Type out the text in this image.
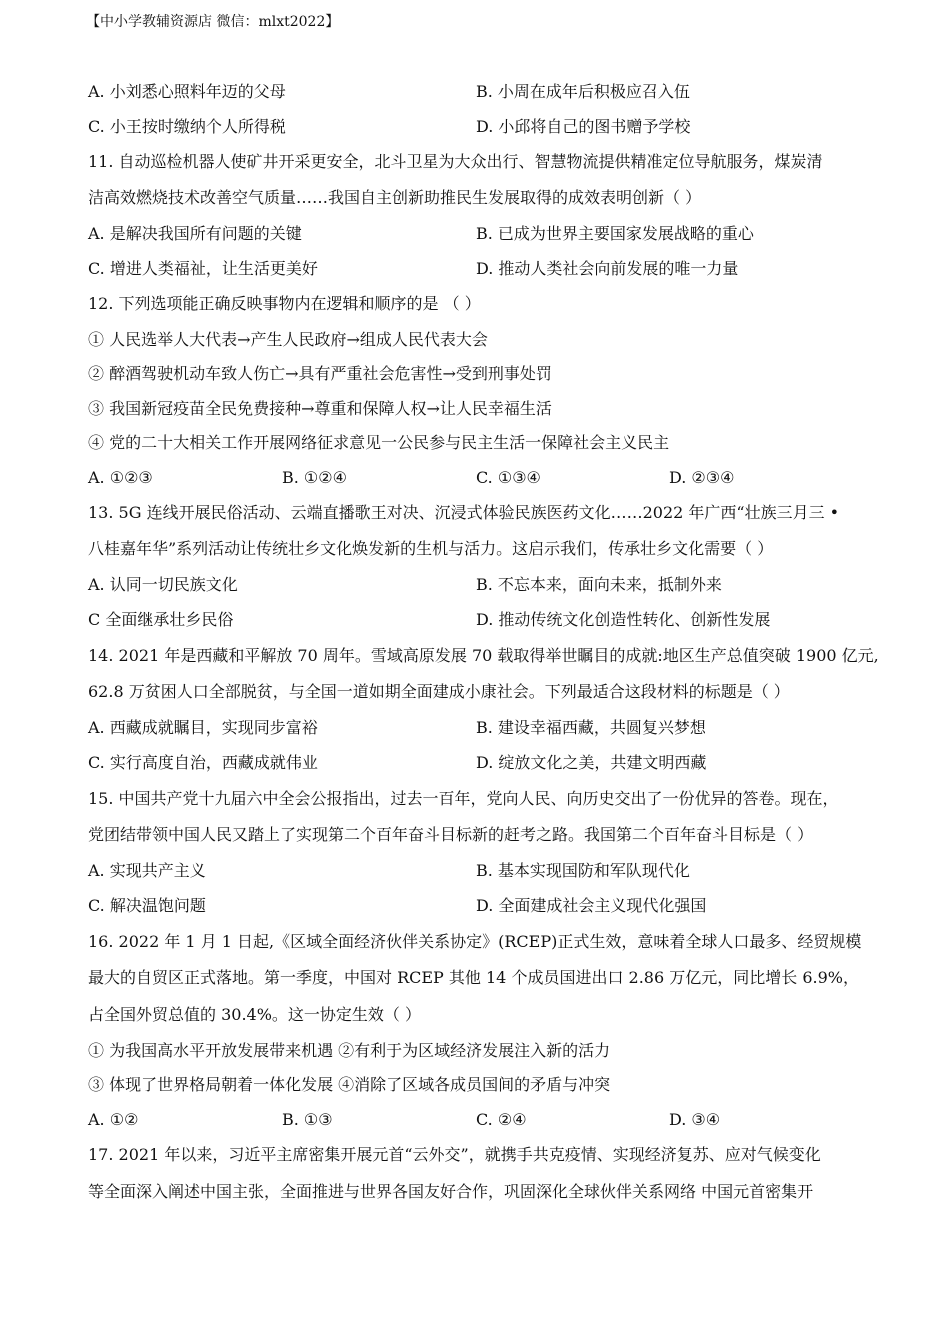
【中小学教辅资源店 微信：mlxt2022】
A. 小刘悉心照料年迈的父母	B. 小周在成年后积极应召入伍
C. 小王按时缴纳个人所得税	D. 小邱将自己的图书赠予学校
11. 自动巡检机器人使矿井开采更安全，北斗卫星为大众出行、智慧物流提供精准定位导航服务，煤炭清
洁高效燃烧技术改善空气质量……我国自主创新助推民生发展取得的成效表明创新（ ）
A. 是解决我国所有问题的关键	B. 已成为世界主要国家发展战略的重心
C. 增进人类福祉，让生活更美好	D. 推动人类社会向前发展的唯一力量
12. 下列选项能正确反映事物内在逻辑和顺序的是 （ ）
① 人民选举人大代表→产生人民政府→组成人民代表大会
② 醉酒驾驶机动车致人伤亡→具有严重社会危害性→受到刑事处罚
③ 我国新冠疫苗全民免费接种→尊重和保障人权→让人民幸福生活
④ 党的二十大相关工作开展网络征求意见一公民参与民主生活一保障社会主义民主
A. ①②③	B. ①②④	C. ①③④	D. ②③④
13. 5G 连线开展民俗活动、云端直播歌王对决、沉浸式体验民族医药文化……2022 年广西“壮族三月三 •
八桂嘉年华”系列活动让传统壮乡文化焕发新的生机与活力。这启示我们，传承壮乡文化需要（ ）
A. 认同一切民族文化	B. 不忘本来，面向未来，抵制外来
C 全面继承壮乡民俗	D. 推动传统文化创造性转化、创新性发展
14. 2021 年是西藏和平解放 70 周年。雪域高原发展 70 载取得举世瞩目的成就:地区生产总值突破 1900 亿元,
62.8 万贫困人口全部脱贫，与全国一道如期全面建成小康社会。下列最适合这段材料的标题是（ ）
A. 西藏成就瞩目，实现同步富裕	B. 建设幸福西藏，共圆复兴梦想
C. 实行高度自治，西藏成就伟业	D. 绽放文化之美，共建文明西藏
15. 中国共产党十九届六中全会公报指出，过去一百年，党向人民、向历史交出了一份优异的答卷。现在，
党团结带领中国人民又踏上了实现第二个百年奋斗目标新的赶考之路。我国第二个百年奋斗目标是（ ）
A. 实现共产主义	B. 基本实现国防和军队现代化
C. 解决温饱问题	D. 全面建成社会主义现代化强国
16. 2022 年 1 月 1 日起,《区域全面经济伙伴关系协定》(RCEP)正式生效，意味着全球人口最多、经贸规模
最大的自贸区正式落地。第一季度，中国对 RCEP 其他 14 个成员国进出口 2.86 万亿元，同比增长 6.9%，
占全国外贸总值的 30.4%。这一协定生效（ ）
① 为我国高水平开放发展带来机遇 ②有利于为区域经济发展注入新的活力
③ 体现了世界格局朝着一体化发展 ④消除了区域各成员国间的矛盾与冲突
A. ①②	B. ①③	C. ②④	D. ③④
17. 2021 年以来，习近平主席密集开展元首“云外交”，就携手共克疫情、实现经济复苏、应对气候变化
等全面深入阐述中国主张，全面推进与世界各国友好合作，巩固深化全球伙伴关系网络 中国元首密集开
